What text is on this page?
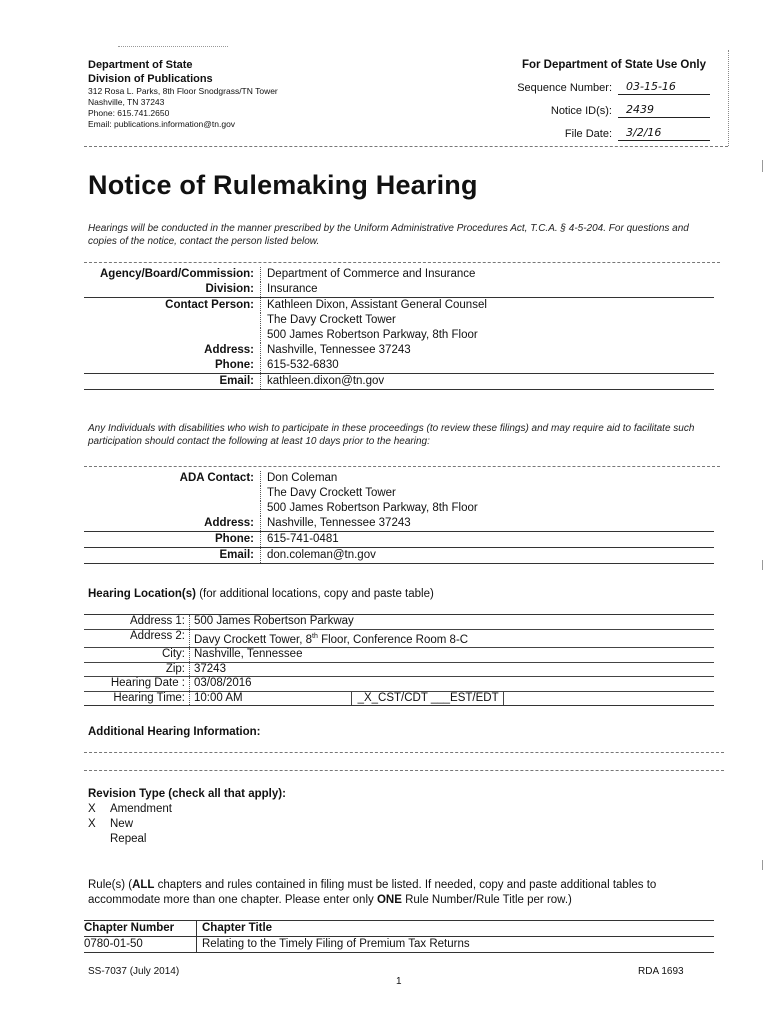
Department of State
Division of Publications
312 Rosa L. Parks, 8th Floor Snodgrass/TN Tower
Nashville, TN 37243
Phone: 615.741.2650
Email: publications.information@tn.gov
For Department of State Use Only
Sequence Number:	03-15-16
Notice ID(s):	2439
File Date:	3/2/16
Notice of Rulemaking Hearing
Hearings will be conducted in the manner prescribed by the Uniform Administrative Procedures Act, T.C.A. § 4-5-204. For questions and copies of the notice, contact the person listed below.
Agency/Board/Commission:	Department of Commerce and Insurance
Division:	Insurance
Contact Person:	Kathleen Dixon, Assistant General Counsel
The Davy Crockett Tower
500 James Robertson Parkway, 8th Floor
Address:	Nashville, Tennessee 37243
Phone:	615-532-6830
Email:	kathleen.dixon@tn.gov
Any Individuals with disabilities who wish to participate in these proceedings (to review these filings) and may require aid to facilitate such participation should contact the following at least 10 days prior to the hearing:
ADA Contact:	Don Coleman
The Davy Crockett Tower
500 James Robertson Parkway, 8th Floor
Address:	Nashville, Tennessee 37243
Phone:	615-741-0481
Email:	don.coleman@tn.gov
Hearing Location(s) (for additional locations, copy and paste table)
Address 1: 500 James Robertson Parkway
Address 2: Davy Crockett Tower, 8th Floor, Conference Room 8-C
City: Nashville, Tennessee
Zip: 37243
Hearing Date : 03/08/2016
Hearing Time: 10:00 AM	_X_CST/CDT ___EST/EDT
Additional Hearing Information:
Revision Type (check all that apply):
X	Amendment
X	New
Repeal
Rule(s) (ALL chapters and rules contained in filing must be listed. If needed, copy and paste additional tables to accommodate more than one chapter. Please enter only ONE Rule Number/Rule Title per row.)
Chapter Number	Chapter Title
0780-01-50	Relating to the Timely Filing of Premium Tax Returns
SS-7037 (July 2014)
1
RDA 1693
